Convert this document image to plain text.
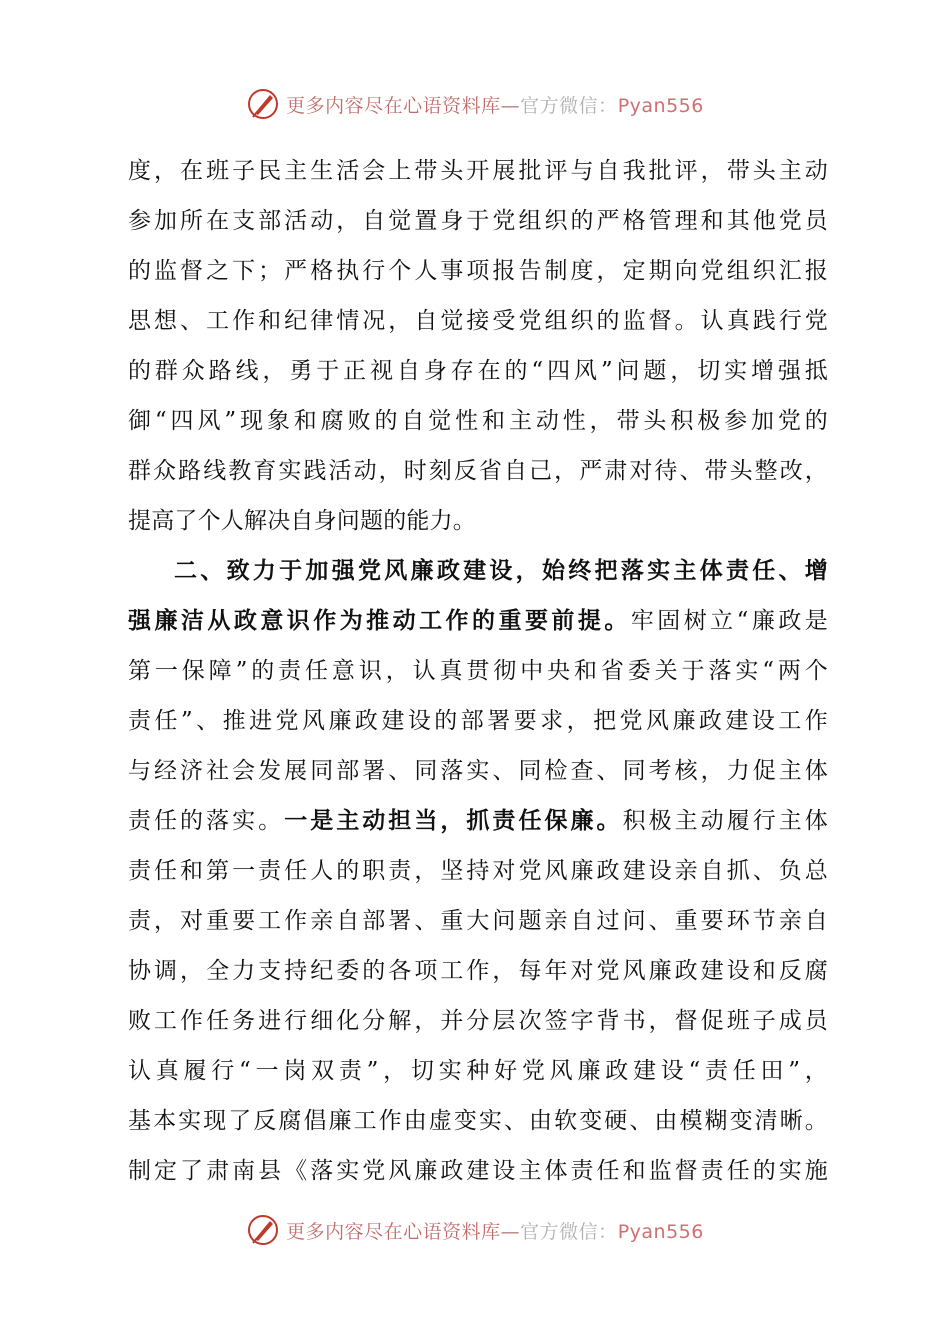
更多内容尽在心语资料库—官方微信：Pyan556
度，在班子民主生活会上带头开展批评与自我批评，带头主动
参加所在支部活动，自觉置身于党组织的严格管理和其他党员
的监督之下；严格执行个人事项报告制度，定期向党组织汇报
思想、工作和纪律情况，自觉接受党组织的监督。认真践行党
的群众路线，勇于正视自身存在的“四风”问题，切实增强抵
御“四风”现象和腐败的自觉性和主动性，带头积极参加党的
群众路线教育实践活动，时刻反省自己，严肃对待、带头整改，
提高了个人解决自身问题的能力。
二、致力于加强党风廉政建设，始终把落实主体责任、增
强廉洁从政意识作为推动工作的重要前提。牢固树立“廉政是
第一保障”的责任意识，认真贯彻中央和省委关于落实“两个
责任”、推进党风廉政建设的部署要求，把党风廉政建设工作
与经济社会发展同部署、同落实、同检查、同考核，力促主体
责任的落实。一是主动担当，抓责任保廉。积极主动履行主体
责任和第一责任人的职责，坚持对党风廉政建设亲自抓、负总
责，对重要工作亲自部署、重大问题亲自过问、重要环节亲自
协调，全力支持纪委的各项工作，每年对党风廉政建设和反腐
败工作任务进行细化分解，并分层次签字背书，督促班子成员
认真履行“一岗双责”，切实种好党风廉政建设“责任田”，
基本实现了反腐倡廉工作由虚变实、由软变硬、由模糊变清晰。
制定了肃南县《落实党风廉政建设主体责任和监督责任的实施
更多内容尽在心语资料库—官方微信：Pyan556
